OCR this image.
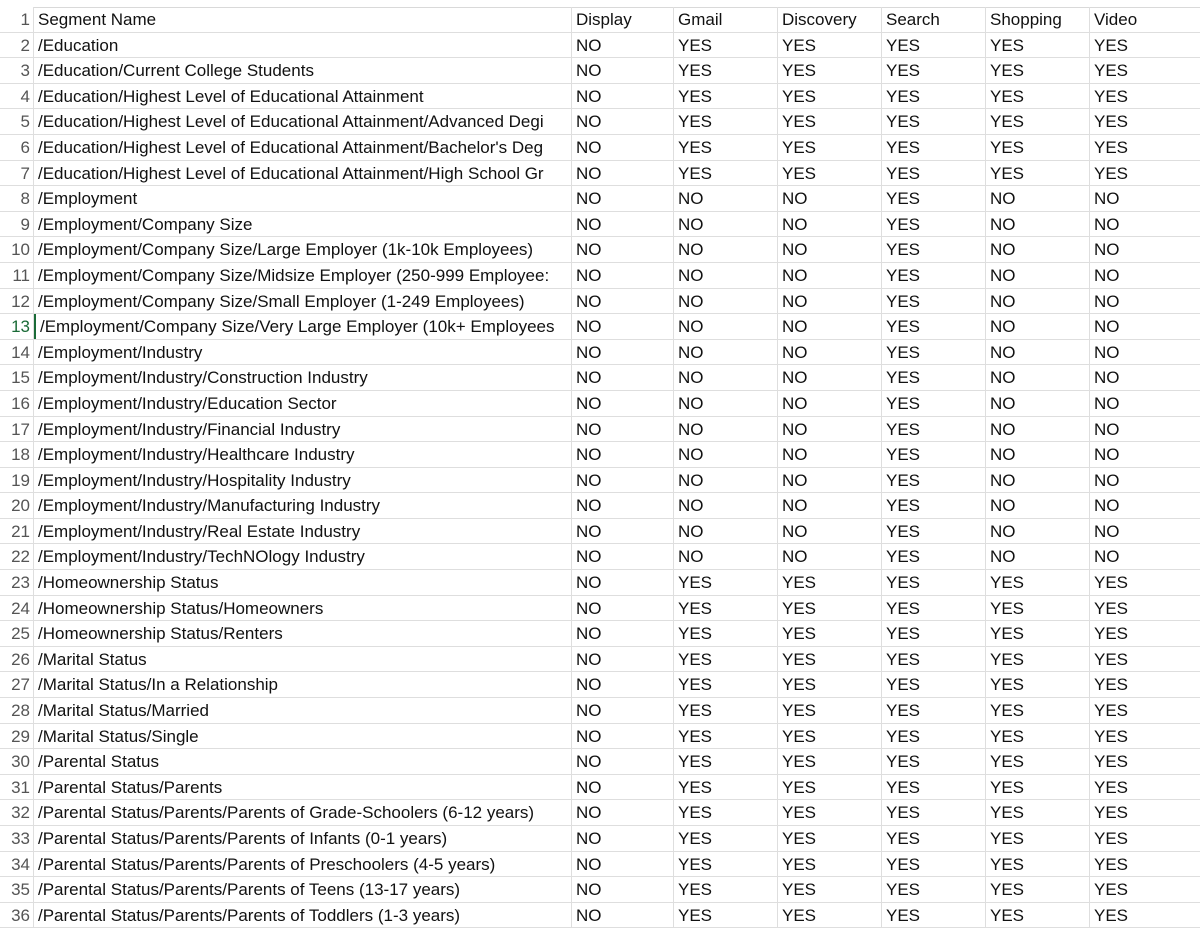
1 Segment Name	Display	Gmail	Discovery	Search	Shopping	Video
2 /Education	NO	YES	YES	YES	YES	YES
3 /Education/Current College Students	NO	YES	YES	YES	YES	YES
4 /Education/Highest Level of Educational Attainment	NO	YES	YES	YES	YES	YES
5 /Education/Highest Level of Educational Attainment/Advanced Degi	NO	YES	YES	YES	YES	YES
6 /Education/Highest Level of Educational Attainment/Bachelor's Deg	NO	YES	YES	YES	YES	YES
7 /Education/Highest Level of Educational Attainment/High School Gr	NO	YES	YES	YES	YES	YES
8 /Employment	NO	NO	NO	YES	NO	NO
9 /Employment/Company Size	NO	NO	NO	YES	NO	NO
10 /Employment/Company Size/Large Employer (1k-10k Employees)	NO	NO	NO	YES	NO	NO
11 /Employment/Company Size/Midsize Employer (250-999 Employee:	NO	NO	NO	YES	NO	NO
12 /Employment/Company Size/Small Employer (1-249 Employees)	NO	NO	NO	YES	NO	NO
13 /Employment/Company Size/Very Large Employer (10k+ Employees	NO	NO	NO	YES	NO	NO
14 /Employment/Industry	NO	NO	NO	YES	NO	NO
15 /Employment/Industry/Construction Industry	NO	NO	NO	YES	NO	NO
16 /Employment/Industry/Education Sector	NO	NO	NO	YES	NO	NO
17 /Employment/Industry/Financial Industry	NO	NO	NO	YES	NO	NO
18 /Employment/Industry/Healthcare Industry	NO	NO	NO	YES	NO	NO
19 /Employment/Industry/Hospitality Industry	NO	NO	NO	YES	NO	NO
20 /Employment/Industry/Manufacturing Industry	NO	NO	NO	YES	NO	NO
21 /Employment/Industry/Real Estate Industry	NO	NO	NO	YES	NO	NO
22 /Employment/Industry/TechNOlogy Industry	NO	NO	NO	YES	NO	NO
23 /Homeownership Status	NO	YES	YES	YES	YES	YES
24 /Homeownership Status/Homeowners	NO	YES	YES	YES	YES	YES
25 /Homeownership Status/Renters	NO	YES	YES	YES	YES	YES
26 /Marital Status	NO	YES	YES	YES	YES	YES
27 /Marital Status/In a Relationship	NO	YES	YES	YES	YES	YES
28 /Marital Status/Married	NO	YES	YES	YES	YES	YES
29 /Marital Status/Single	NO	YES	YES	YES	YES	YES
30 /Parental Status	NO	YES	YES	YES	YES	YES
31 /Parental Status/Parents	NO	YES	YES	YES	YES	YES
32 /Parental Status/Parents/Parents of Grade-Schoolers (6-12 years)	NO	YES	YES	YES	YES	YES
33 /Parental Status/Parents/Parents of Infants (0-1 years)	NO	YES	YES	YES	YES	YES
34 /Parental Status/Parents/Parents of Preschoolers (4-5 years)	NO	YES	YES	YES	YES	YES
35 /Parental Status/Parents/Parents of Teens (13-17 years)	NO	YES	YES	YES	YES	YES
36 /Parental Status/Parents/Parents of Toddlers (1-3 years)	NO	YES	YES	YES	YES	YES
